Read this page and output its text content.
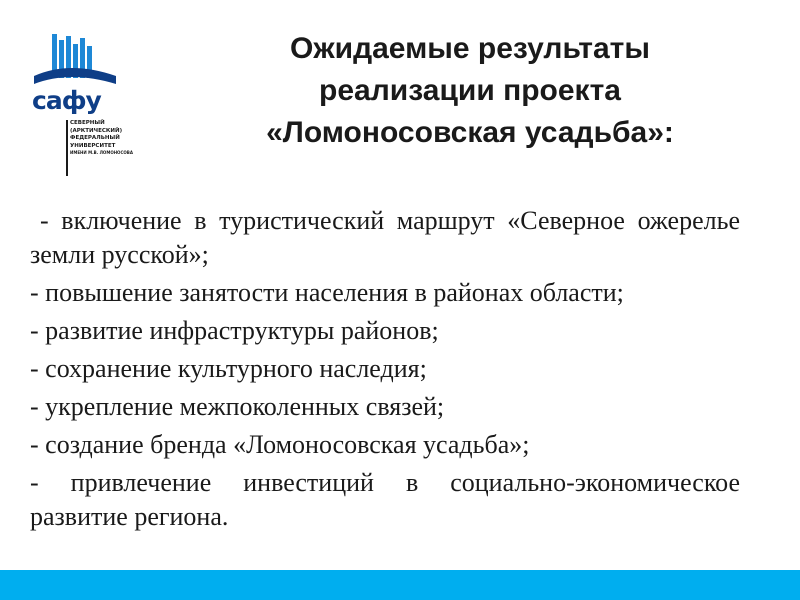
сафу
СЕВЕРНЫЙ
(АРКТИЧЕСКИЙ)
ФЕДЕРАЛЬНЫЙ
УНИВЕРСИТЕТ
ИМЕНИ М.В. ЛОМОНОСОВА
Ожидаемые результаты
реализации проекта
«Ломоносовская усадьба»:

- включение в туристический маршрут «Северное ожерелье земли русской»;

- повышение занятости населения в районах области;

- развитие инфраструктуры районов;

- сохранение культурного наследия;

- укрепление межпоколенных связей;

- создание бренда «Ломоносовская усадьба»;

- привлечение инвестиций в социально-экономическое развитие региона.
